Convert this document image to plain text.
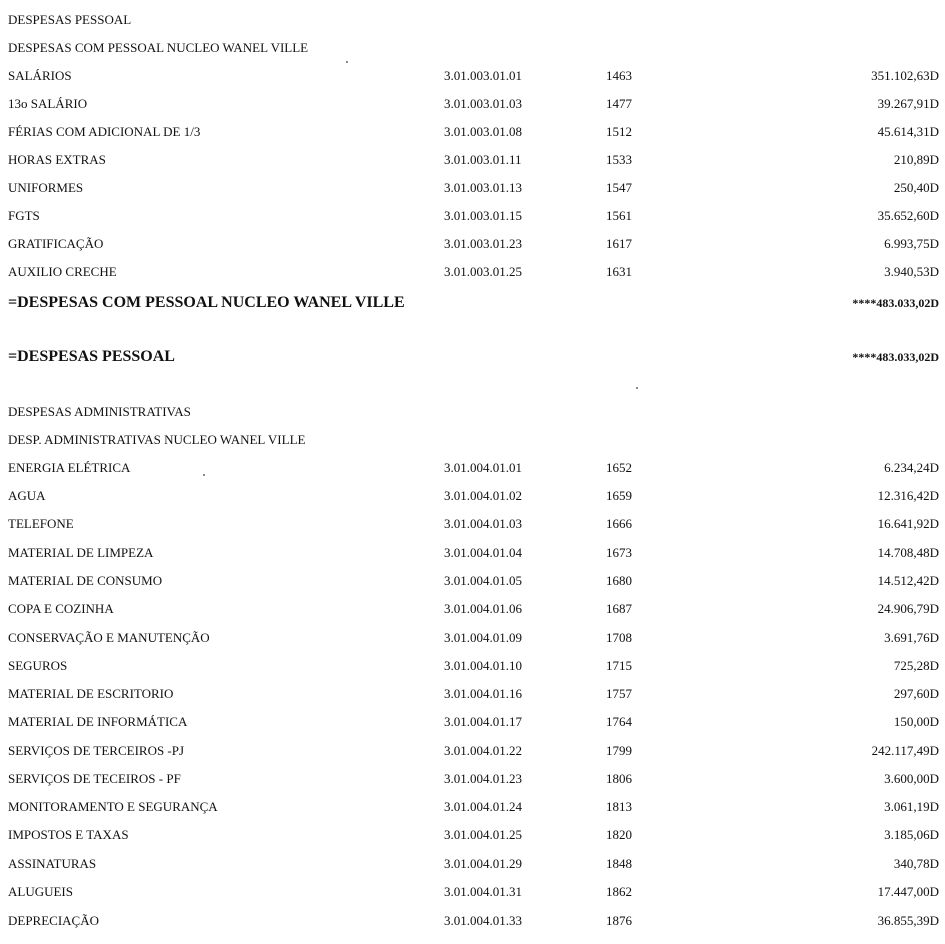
DESPESAS PESSOAL
DESPESAS COM PESSOAL NUCLEO WANEL VILLE
SALÁRIOS	3.01.003.01.01	1463	351.102,63D
13o SALÁRIO	3.01.003.01.03	1477	39.267,91D
FÉRIAS COM ADICIONAL DE 1/3	3.01.003.01.08	1512	45.614,31D
HORAS EXTRAS	3.01.003.01.11	1533	210,89D
UNIFORMES	3.01.003.01.13	1547	250,40D
FGTS	3.01.003.01.15	1561	35.652,60D
GRATIFICAÇÃO	3.01.003.01.23	1617	6.993,75D
AUXILIO CRECHE	3.01.003.01.25	1631	3.940,53D
=DESPESAS COM PESSOAL NUCLEO WANEL VILLE	****483.033,02D
=DESPESAS PESSOAL	****483.033,02D
DESPESAS ADMINISTRATIVAS
DESP. ADMINISTRATIVAS NUCLEO WANEL VILLE
ENERGIA ELÉTRICA	3.01.004.01.01	1652	6.234,24D
AGUA	3.01.004.01.02	1659	12.316,42D
TELEFONE	3.01.004.01.03	1666	16.641,92D
MATERIAL DE LIMPEZA	3.01.004.01.04	1673	14.708,48D
MATERIAL DE CONSUMO	3.01.004.01.05	1680	14.512,42D
COPA E COZINHA	3.01.004.01.06	1687	24.906,79D
CONSERVAÇÃO E MANUTENÇÃO	3.01.004.01.09	1708	3.691,76D
SEGUROS	3.01.004.01.10	1715	725,28D
MATERIAL DE ESCRITORIO	3.01.004.01.16	1757	297,60D
MATERIAL DE INFORMÁTICA	3.01.004.01.17	1764	150,00D
SERVIÇOS DE TERCEIROS -PJ	3.01.004.01.22	1799	242.117,49D
SERVIÇOS DE TECEIROS - PF	3.01.004.01.23	1806	3.600,00D
MONITORAMENTO E SEGURANÇA	3.01.004.01.24	1813	3.061,19D
IMPOSTOS E TAXAS	3.01.004.01.25	1820	3.185,06D
ASSINATURAS	3.01.004.01.29	1848	340,78D
ALUGUEIS	3.01.004.01.31	1862	17.447,00D
DEPRECIAÇÃO	3.01.004.01.33	1876	36.855,39D
